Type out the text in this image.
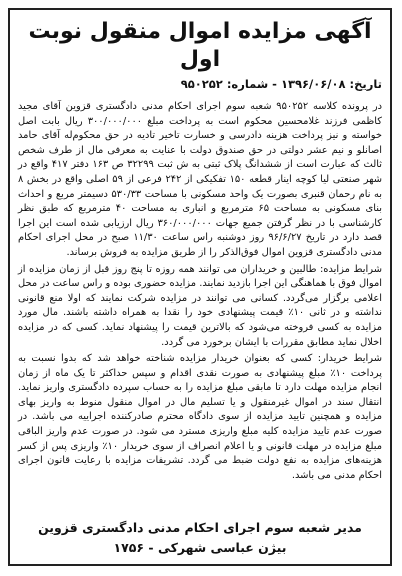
آگهی مزایده اموال منقول نوبت اول
تاریخ: ۱۳۹۶/۰۶/۰۸ - شماره: ۹۵۰۲۵۲

در پرونده کلاسه ۹۵۰۲۵۲ شعبه سوم اجرای احکام مدنی دادگستری قزوین آقای مجید کاظمی فرزند غلامحسین محکوم است به پرداخت مبلغ ۳۰۰/۰۰۰/۰۰۰ ریال بابت اصل خواسته و نیز پرداخت هزینه دادرسی و خسارت تاخیر تادیه در حق محکوم‌له آقای حامد اصانلو و نیم عشر دولتی در حق صندوق دولت با عنایت به معرفی مال از طرف شخص ثالث که عبارت است از ششدانگ پلاک ثبتی به ش ثبت ۳۲۲۹۹ ص ۱۶۳ دفتر ۴۱۷ واقع در شهر صنعتی لیا کوچه اینار قطعه ۱۵۰ تفکیکی از ۲۴۲ فرعی از ۵۹ اصلی واقع در بخش ۸ به نام رحمان قنبری بصورت یک واحد مسکونی با مساحت ۵۳۰/۳۳ دسیمتر مربع و احداث بنای مسکونی به مساحت ۶۵ مترمربع و انباری به مساحت ۴۰ مترمربع که طبق نظر کارشناسی با در نظر گرفتن جمیع جهات ۳۶۰/۰۰۰/۰۰۰ ریال ارزیابی شده است این اجرا قصد دارد در تاریخ ۹۶/۶/۲۷ روز دوشنبه راس ساعت ۱۱/۳۰ صبح در محل اجرای احکام مدنی دادگستری قزوین اموال فوق‌الذکر را از طریق مزایده به فروش برساند.

شرایط مزایده: طالبین و خریداران می توانند همه روزه تا پنج روز قبل از زمان مزایده از اموال فوق با هماهنگی این اجرا بازدید نمایند. مزایده حضوری بوده و راس ساعت در محل اعلامی برگزار می‌گردد. کسانی می توانند در مزایده شرکت نمایند که اولا منع قانونی نداشته و در ثانی ۱۰٪ قیمت پیشنهادی خود را نقدا به همراه داشته باشند. مال مورد مزایده به کسی فروخته می‌شود که بالاترین قیمت را پیشنهاد نماید. کسی که در مزایده اخلال نماید مطابق مقررات با ایشان برخورد می گردد.

شرایط خریدار: کسی که بعنوان خریدار مزایده شناخته خواهد شد که بدوا نسبت به پرداخت ۱۰٪ مبلغ پیشنهادی به صورت نقدی اقدام و سپس حداکثر تا یک ماه از زمان انجام مزایده مهلت دارد تا مابقی مبلغ مزایده را به حساب سپرده دادگستری واریز نماید. انتقال سند در اموال غیرمنقول و یا تسلیم مال در اموال منقول منوط به واریز بهای مزایده و همچنین تایید مزایده از سوی دادگاه محترم صادرکننده اجراییه می باشد. در صورت عدم تایید مزایده کلیه مبلغ واریزی مسترد می شود. در صورت عدم واریز الباقی مبلغ مزایده در مهلت قانونی و یا اعلام انصراف از سوی خریدار ۱۰٪ واریزی پس از کسر هزینه‌های مزایده به نفع دولت ضبط می گردد. تشریفات مزایده با رعایت قانون اجرای احکام مدنی می باشد.

مدیر شعبه سوم اجرای احکام مدنی دادگستری قزوین
بیژن عباسی شهرکی - ۱۷۵۶
